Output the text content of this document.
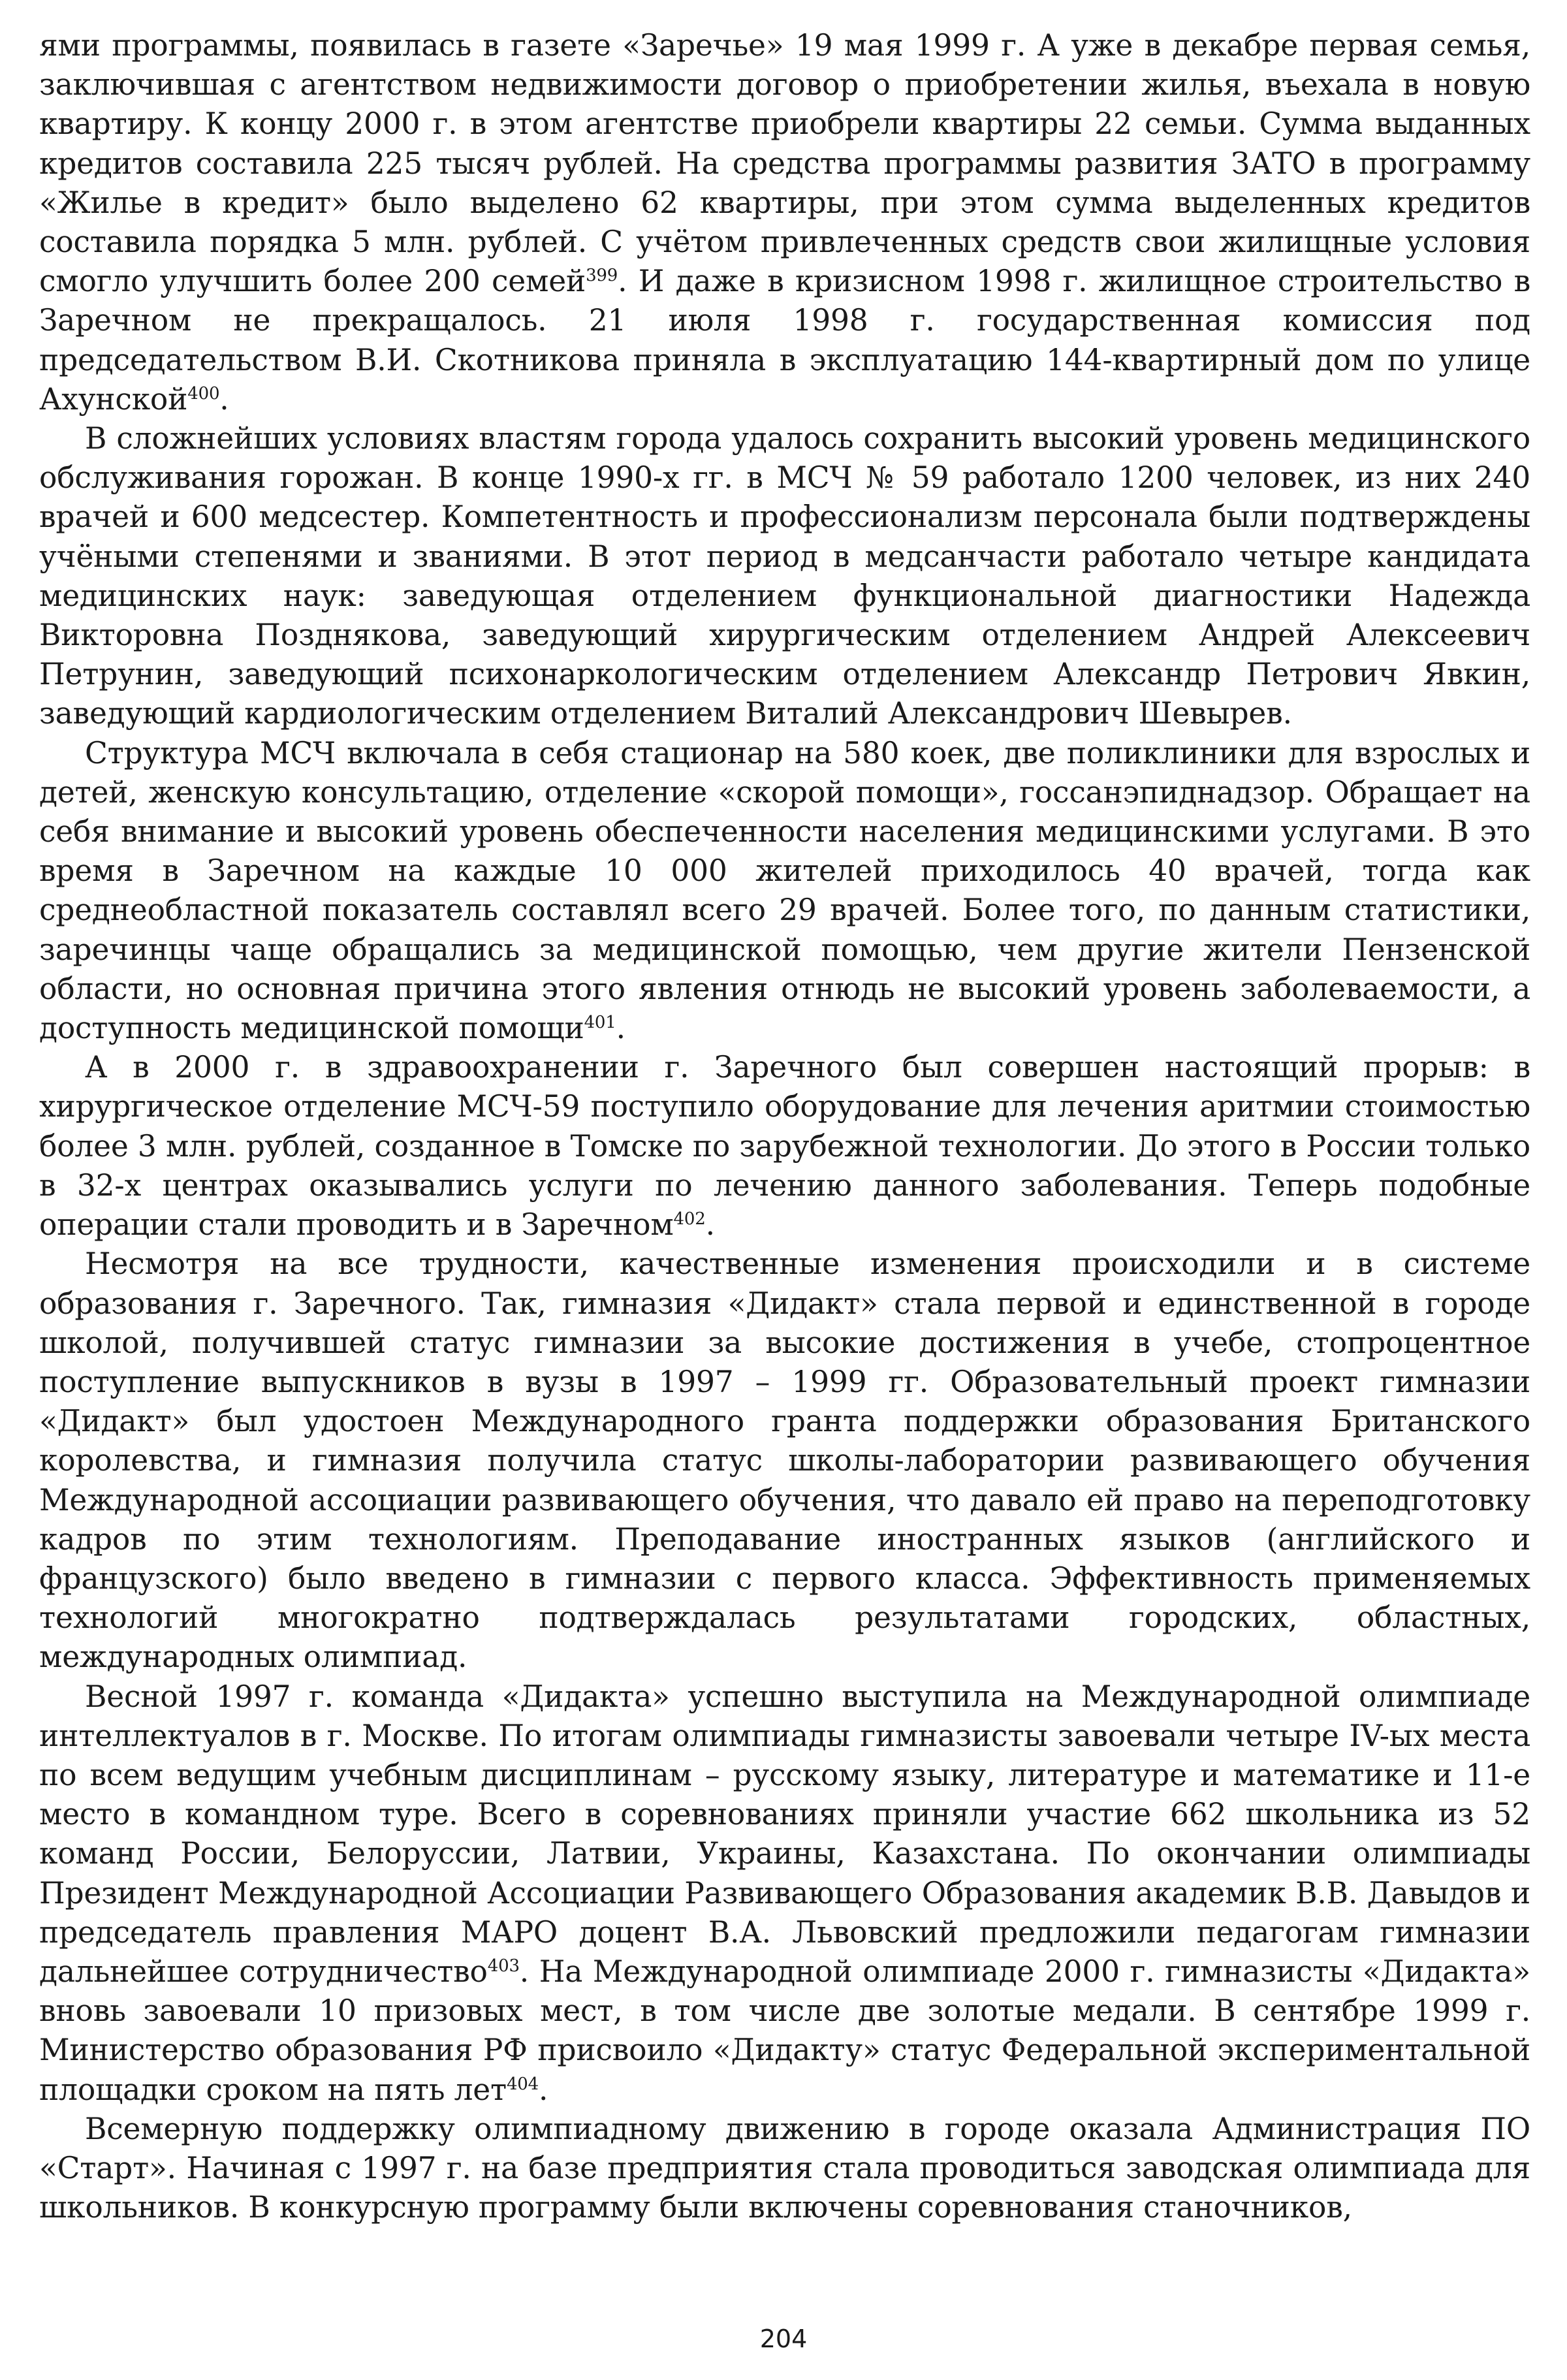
ями программы, появилась в газете «Заречье» 19 мая 1999 г. А уже в декабре первая семья, заключившая с агентством недвижимости договор о приобретении жилья, въехала в новую квартиру. К концу 2000 г. в этом агентстве приобрели квартиры 22 семьи. Сумма выданных кредитов составила 225 тысяч рублей. На средства программы развития ЗАТО в программу «Жилье в кредит» было выделено 62 квартиры, при этом сумма выделенных кредитов составила порядка 5 млн. рублей. С учётом привлеченных средств свои жилищные условия смогло улучшить более 200 семей$^{399}$. И даже в кризисном 1998 г. жилищное строительство в Заречном не прекращалось. 21 июля 1998 г. государственная комиссия под председательством В.И. Скотникова приняла в эксплуатацию 144-квартирный дом по улице Ахунской$^{400}$.

В сложнейших условиях властям города удалось сохранить высокий уровень медицинского обслуживания горожан. В конце 1990-х гг. в МСЧ № 59 работало 1200 человек, из них 240 врачей и 600 медсестер. Компетентность и профессионализм персонала были подтверждены учёными степенями и званиями. В этот период в медсанчасти работало четыре кандидата медицинских наук: заведующая отделением функциональной диагностики Надежда Викторовна Позднякова, заведующий хирургическим отделением Андрей Алексеевич Петрунин, заведующий психонаркологическим отделением Александр Петрович Явкин, заведующий кардиологическим отделением Виталий Александрович Шевырев.

Структура МСЧ включала в себя стационар на 580 коек, две поликлиники для взрослых и детей, женскую консультацию, отделение «скорой помощи», госсанэпиднадзор. Обращает на себя внимание и высокий уровень обеспеченности населения медицинскими услугами. В это время в Заречном на каждые 10 000 жителей приходилось 40 врачей, тогда как среднеобластной показатель составлял всего 29 врачей. Более того, по данным статистики, заречинцы чаще обращались за медицинской помощью, чем другие жители Пензенской области, но основная причина этого явления отнюдь не высокий уровень заболеваемости, а доступность медицинской помощи$^{401}$.

А в 2000 г. в здравоохранении г. Заречного был совершен настоящий прорыв: в хирургическое отделение МСЧ-59 поступило оборудование для лечения аритмии стоимостью более 3 млн. рублей, созданное в Томске по зарубежной технологии. До этого в России только в 32-х центрах оказывались услуги по лечению данного заболевания. Теперь подобные операции стали проводить и в Заречном$^{402}$.

Несмотря на все трудности, качественные изменения происходили и в системе образования г. Заречного. Так, гимназия «Дидакт» стала первой и единственной в городе школой, получившей статус гимназии за высокие достижения в учебе, стопроцентное поступление выпускников в вузы в 1997 – 1999 гг. Образовательный проект гимназии «Дидакт» был удостоен Международного гранта поддержки образования Британского королевства, и гимназия получила статус школы-лаборатории развивающего обучения Международной ассоциации развивающего обучения, что давало ей право на переподготовку кадров по этим технологиям. Преподавание иностранных языков (английского и французского) было введено в гимназии с первого класса. Эффективность применяемых технологий многократно подтверждалась результатами городских, областных, международных олимпиад.

Весной 1997 г. команда «Дидакта» успешно выступила на Международной олимпиаде интеллектуалов в г. Москве. По итогам олимпиады гимназисты завоевали четыре IV-ых места по всем ведущим учебным дисциплинам – русскому языку, литературе и математике и 11-е место в командном туре. Всего в соревнованиях приняли участие 662 школьника из 52 команд России, Белоруссии, Латвии, Украины, Казахстана. По окончании олимпиады Президент Международной Ассоциации Развивающего Образования академик В.В. Давыдов и председатель правления МАРО доцент В.А. Львовский предложили педагогам гимназии дальнейшее сотрудничество$^{403}$. На Международной олимпиаде 2000 г. гимназисты «Дидакта» вновь завоевали 10 призовых мест, в том числе две золотые медали. В сентябре 1999 г. Министерство образования РФ присвоило «Дидакту» статус Федеральной экспериментальной площадки сроком на пять лет$^{404}$.

Всемерную поддержку олимпиадному движению в городе оказала Администрация ПО «Старт». Начиная с 1997 г. на базе предприятия стала проводиться заводская олимпиада для школьников. В конкурсную программу были включены соревнования станочников,

204
